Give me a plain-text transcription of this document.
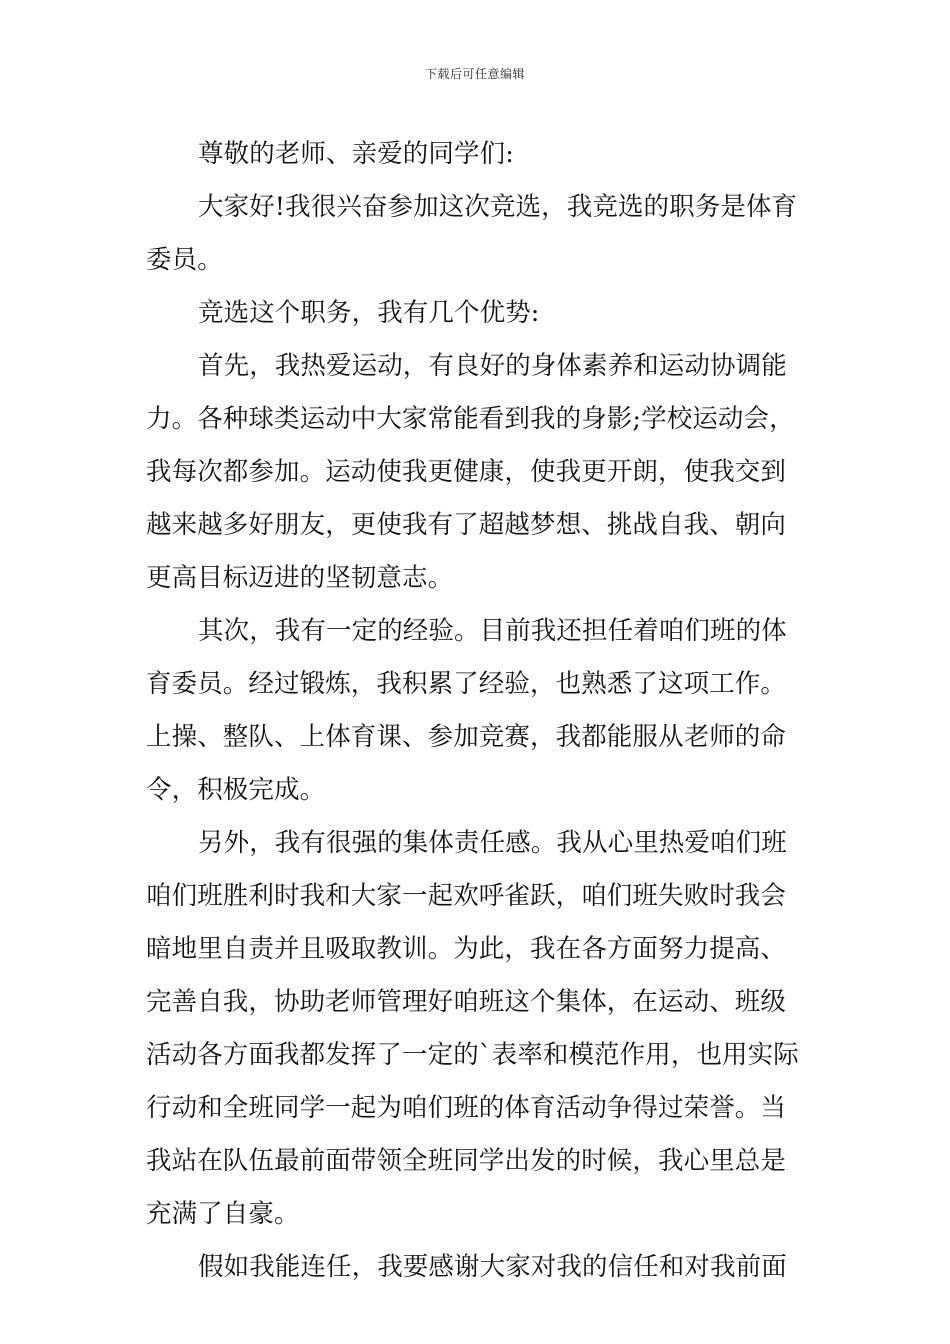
下载后可任意编辑
尊敬的老师、亲爱的同学们:
大家好!我很兴奋参加这次竞选，我竞选的职务是体育
委员。
竞选这个职务，我有几个优势:
首先，我热爱运动，有良好的身体素养和运动协调能
力。各种球类运动中大家常能看到我的身影;学校运动会，
我每次都参加。运动使我更健康，使我更开朗，使我交到
越来越多好朋友，更使我有了超越梦想、挑战自我、朝向
更高目标迈进的坚韧意志。
其次，我有一定的经验。目前我还担任着咱们班的体
育委员。经过锻炼，我积累了经验，也熟悉了这项工作。
上操、整队、上体育课、参加竞赛，我都能服从老师的命
令，积极完成。
另外，我有很强的集体责任感。我从心里热爱咱们班
咱们班胜利时我和大家一起欢呼雀跃，咱们班失败时我会
暗地里自责并且吸取教训。为此，我在各方面努力提高、
完善自我，协助老师管理好咱班这个集体，在运动、班级
活动各方面我都发挥了一定的`表率和模范作用，也用实际
行动和全班同学一起为咱们班的体育活动争得过荣誉。当
我站在队伍最前面带领全班同学出发的时候，我心里总是
充满了自豪。
假如我能连任，我要感谢大家对我的信任和对我前面
